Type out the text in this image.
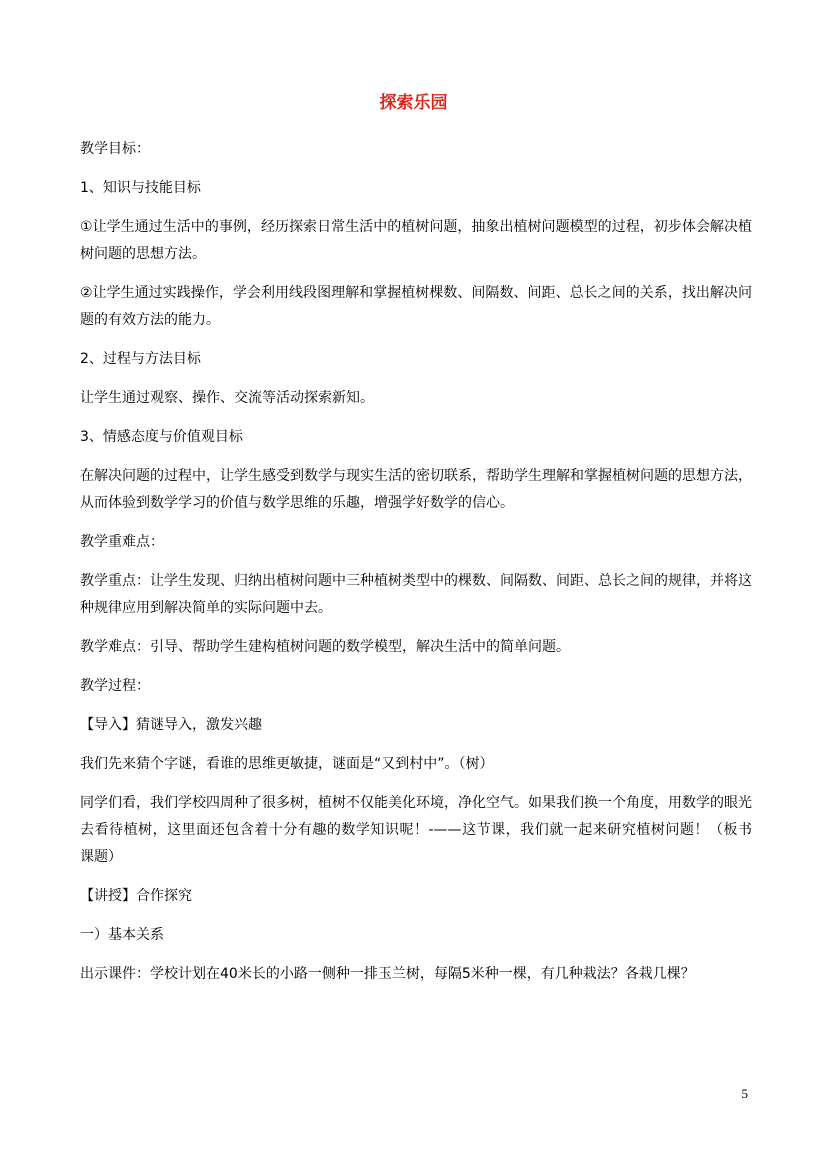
探索乐园

教学目标：

1、知识与技能目标

①让学生通过生活中的事例，经历探索日常生活中的植树问题，抽象出植树问题模型的过程，初步体会解决植树问题的思想方法。

②让学生通过实践操作，学会利用线段图理解和掌握植树棵数、间隔数、间距、总长之间的关系，找出解决问题的有效方法的能力。

2、过程与方法目标

让学生通过观察、操作、交流等活动探索新知。

3、情感态度与价值观目标

在解决问题的过程中，让学生感受到数学与现实生活的密切联系，帮助学生理解和掌握植树问题的思想方法，从而体验到数学学习的价值与数学思维的乐趣，增强学好数学的信心。

教学重难点：

教学重点：让学生发现、归纳出植树问题中三种植树类型中的棵数、间隔数、间距、总长之间的规律，并将这种规律应用到解决简单的实际问题中去。

教学难点：引导、帮助学生建构植树问题的数学模型，解决生活中的简单问题。

教学过程：

【导入】猜谜导入，激发兴趣

我们先来猜个字谜，看谁的思维更敏捷，谜面是“又到村中”。（树）

同学们看，我们学校四周种了很多树，植树不仅能美化环境，净化空气。如果我们换一个角度，用数学的眼光去看待植树，这里面还包含着十分有趣的数学知识呢！-——这节课，我们就一起来研究植树问题！（板书　课题）

【讲授】合作探究

一）基本关系

出示课件：学校计划在40米长的小路一侧种一排玉兰树，每隔5米种一棵，有几种栽法？各栽几棵？

5
